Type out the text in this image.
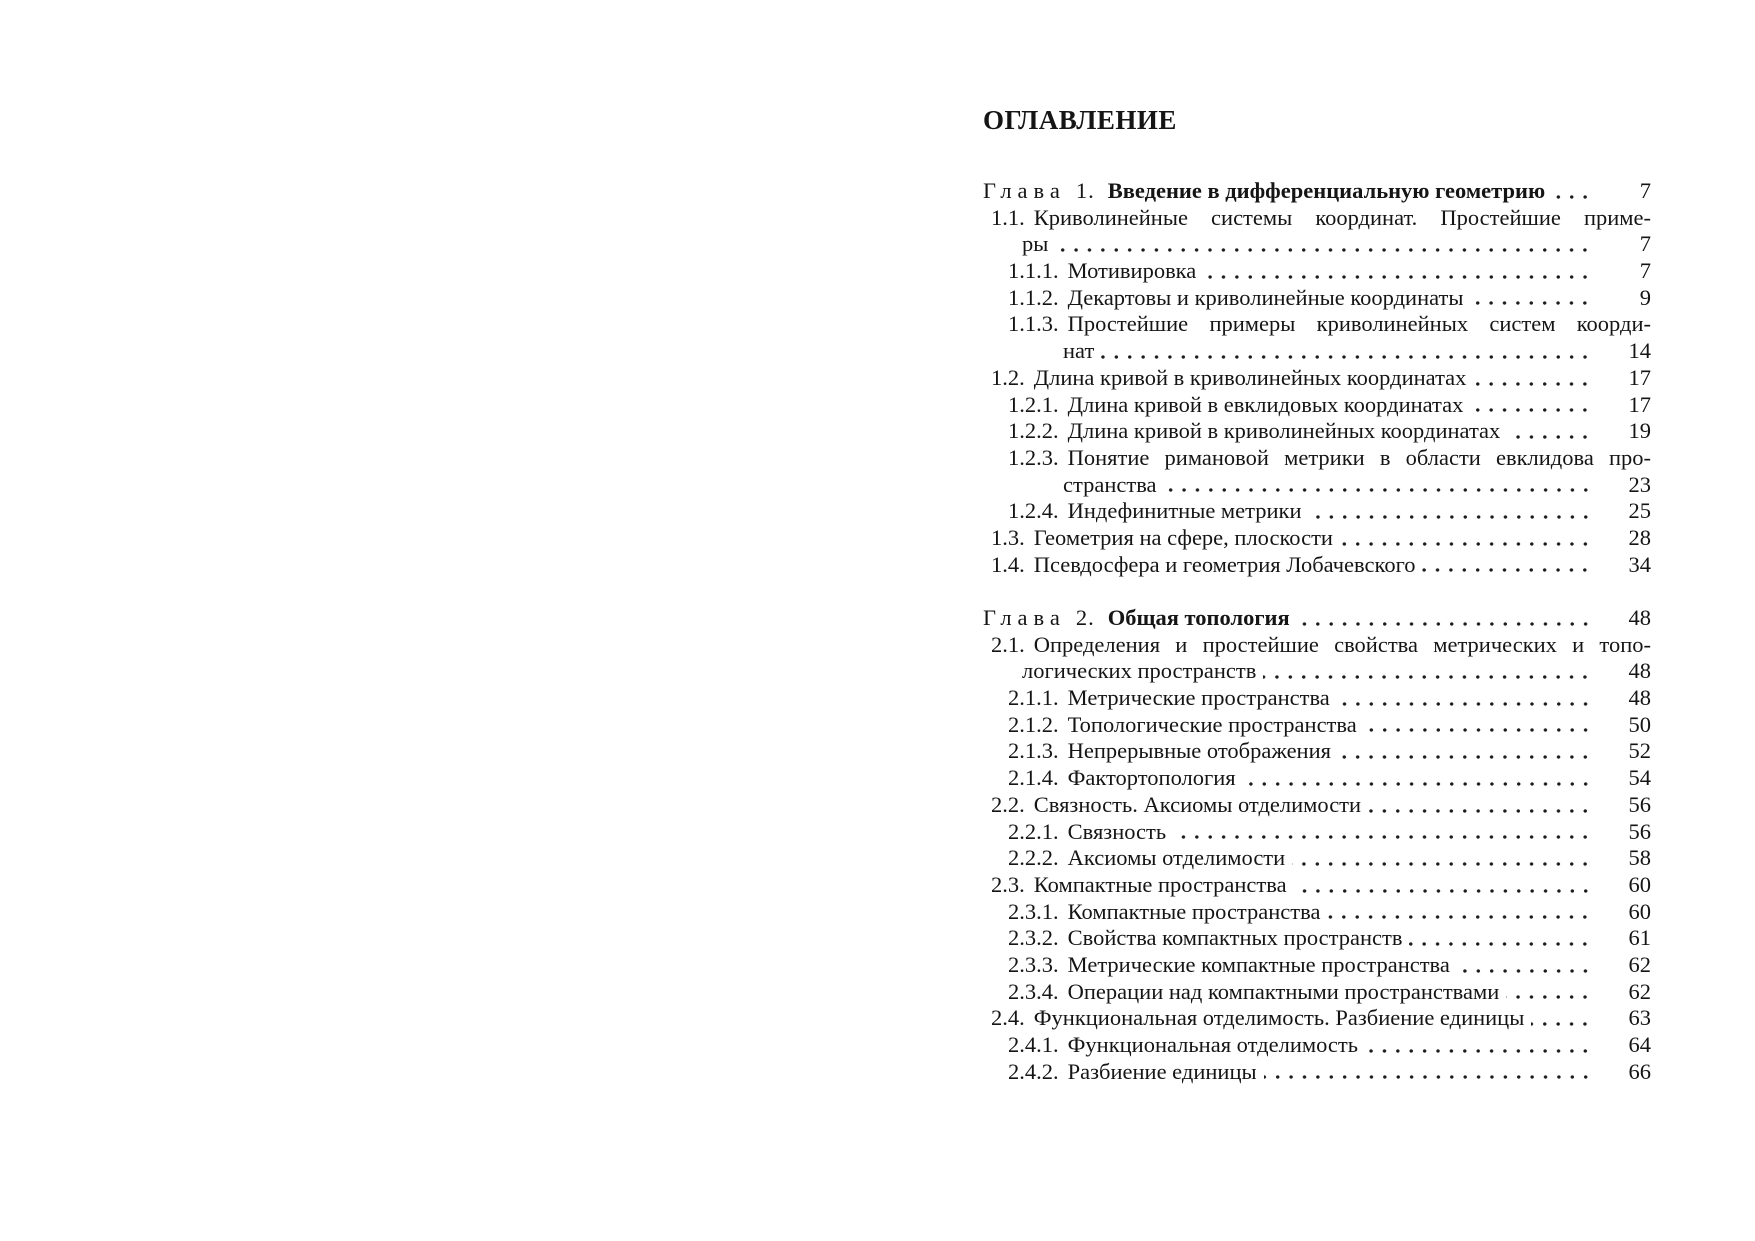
ОГЛАВЛЕНИЕ
Глава 1. Введение в дифференциальную геометрию	7
1.1. Криволинейные системы координат. Простейшие приме-
ры	7
1.1.1. Мотивировка	7
1.1.2. Декартовы и криволинейные координаты	9
1.1.3. Простейшие примеры криволинейных систем коорди-
нат	14
1.2. Длина кривой в криволинейных координатах	17
1.2.1. Длина кривой в евклидовых координатах	17
1.2.2. Длина кривой в криволинейных координатах	19
1.2.3. Понятие римановой метрики в области евклидова про-
странства	23
1.2.4. Индефинитные метрики	25
1.3. Геометрия на сфере, плоскости	28
1.4. Псевдосфера и геометрия Лобачевского	34
Глава 2. Общая топология	48
2.1. Определения и простейшие свойства метрических и топо-
логических пространств	48
2.1.1. Метрические пространства	48
2.1.2. Топологические пространства	50
2.1.3. Непрерывные отображения	52
2.1.4. Фактортопология	54
2.2. Связность. Аксиомы отделимости	56
2.2.1. Связность	56
2.2.2. Аксиомы отделимости	58
2.3. Компактные пространства	60
2.3.1. Компактные пространства	60
2.3.2. Свойства компактных пространств	61
2.3.3. Метрические компактные пространства	62
2.3.4. Операции над компактными пространствами	62
2.4. Функциональная отделимость. Разбиение единицы	63
2.4.1. Функциональная отделимость	64
2.4.2. Разбиение единицы	66
